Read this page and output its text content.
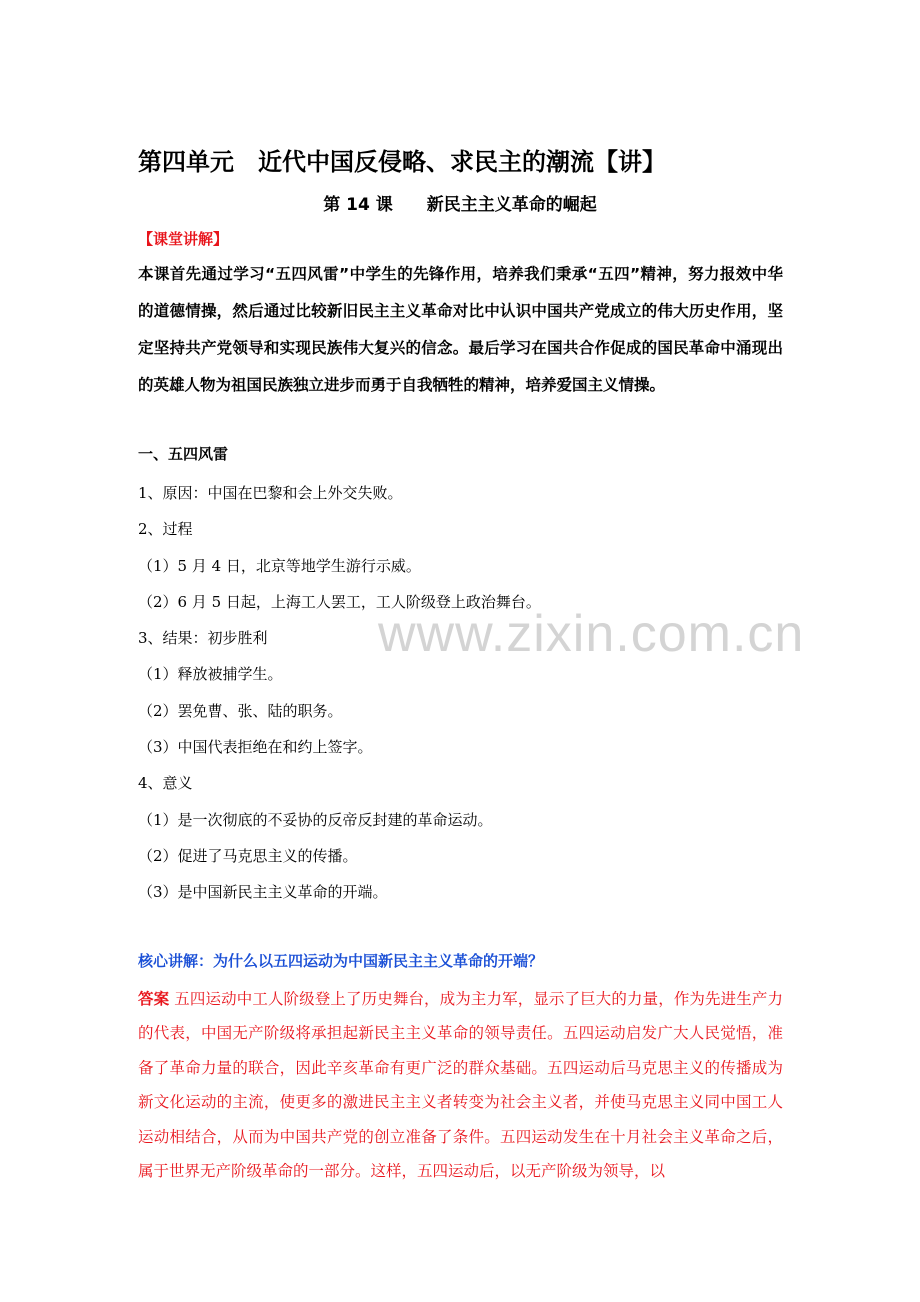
www.zixin.com.cn
第四单元　近代中国反侵略、求民主的潮流【讲】
第 14 课　　新民主主义革命的崛起
【课堂讲解】

本课首先通过学习“五四风雷”中学生的先锋作用，培养我们秉承“五四”精神，努力报效中华的道德情操，然后通过比较新旧民主主义革命对比中认识中国共产党成立的伟大历史作用，坚定坚持共产党领导和实现民族伟大复兴的信念。最后学习在国共合作促成的国民革命中涌现出的英雄人物为祖国民族独立进步而勇于自我牺牲的精神，培养爱国主义情操。

一、五四风雷
1、原因：中国在巴黎和会上外交失败。
2、过程
（1）5 月 4 日，北京等地学生游行示威。
（2）6 月 5 日起，上海工人罢工，工人阶级登上政治舞台。
3、结果：初步胜利
（1）释放被捕学生。
（2）罢免曹、张、陆的职务。
（3）中国代表拒绝在和约上签字。
4、意义
（1）是一次彻底的不妥协的反帝反封建的革命运动。
（2）促进了马克思主义的传播。
（3）是中国新民主主义革命的开端。
核心讲解：为什么以五四运动为中国新民主主义革命的开端？

答案 五四运动中工人阶级登上了历史舞台，成为主力军，显示了巨大的力量，作为先进生产力的代表，中国无产阶级将承担起新民主主义革命的领导责任。五四运动启发广大人民觉悟，准备了革命力量的联合，因此辛亥革命有更广泛的群众基础。五四运动后马克思主义的传播成为新文化运动的主流，使更多的激进民主主义者转变为社会主义者，并使马克思主义同中国工人运动相结合，从而为中国共产党的创立准备了条件。五四运动发生在十月社会主义革命之后，属于世界无产阶级革命的一部分。这样，五四运动后，以无产阶级为领导，以
